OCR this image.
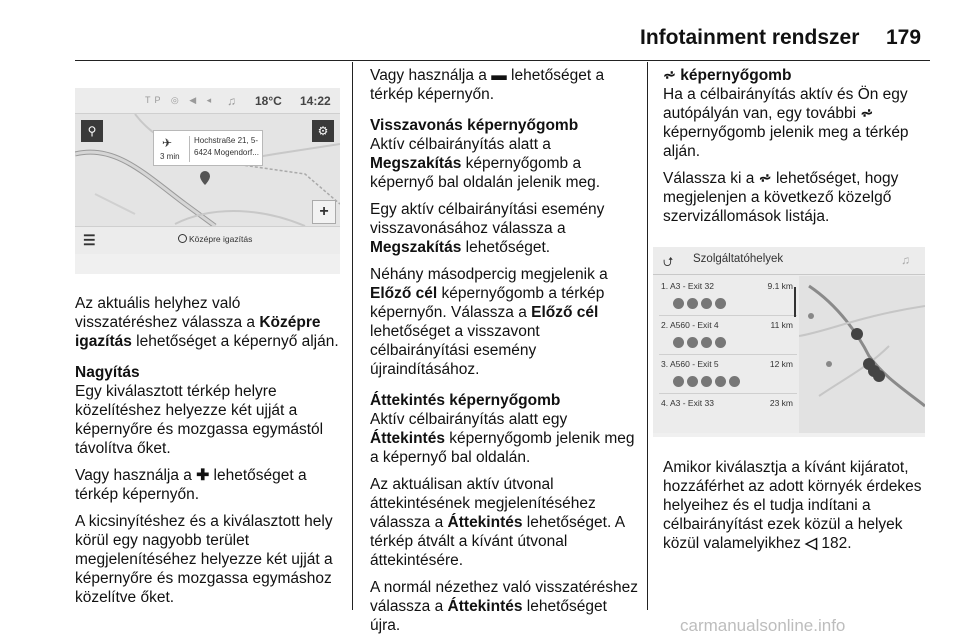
Infotainment rendszer 179
TP ◎ ◀ ◂ ♫ 18°C 14:22
⚲	⚙
✈
3 min
Hochstraße 21, 5-
6424 Mogendorf...
+
☰	Középre igazítás

Az aktuális helyhez való visszatéréshez válassza a Középre igazítás lehetőséget a képernyő alján.

Nagyítás

Egy kiválasztott térkép helyre közelítéshez helyezze két ujját a képernyőre és mozgassa egymástól távolítva őket.

Vagy használja a ✚ lehetőséget a térkép képernyőn.

A kicsinyítéshez és a kiválasztott hely körül egy nagyobb terület megjelenítéséhez helyezze két ujját a képernyőre és mozgassa egymáshoz közelítve őket.

Vagy használja a ▬ lehetőséget a térkép képernyőn.

Visszavonás képernyőgomb

Aktív célbairányítás alatt a Megszakítás képernyőgomb a képernyő bal oldalán jelenik meg.

Egy aktív célbairányítási esemény visszavonásához válassza a Megszakítás lehetőséget.

Néhány másodpercig megjelenik a Előző cél képernyőgomb a térkép képernyőn. Válassza a Előző cél lehetőséget a visszavont célbairányítási esemény újraindításához.

Áttekintés képernyőgomb

Aktív célbairányítás alatt egy Áttekintés képernyőgomb jelenik meg a képernyő bal oldalán.

Az aktuálisan aktív útvonal áttekintésének megjelenítéséhez válassza a Áttekintés lehetőséget. A térkép átvált a kívánt útvonal áttekintésére.

A normál nézethez való visszatéréshez válassza a Áttekintés lehetőséget újra.

⩫ képernyőgomb

Ha a célbairányítás aktív és Ön egy autópályán van, egy további ⩫ képernyőgomb jelenik meg a térkép alján.

Válassza ki a ⩫ lehetőséget, hogy megjelenjen a következő közelgő szervizállomások listája.

⮍ Szolgáltatóhelyek	♫
1. A3 - Exit 32	9.1 km
2. A560 - Exit 4	11 km
3. A560 - Exit 5	12 km
4. A3 - Exit 33	23 km

Amikor kiválasztja a kívánt kijáratot, hozzáférhet az adott környék érdekes helyeihez és el tudja indítani a célbairányítást ezek közül a helyek közül valamelyikhez ◁ 182.

carmanualsonline.info
